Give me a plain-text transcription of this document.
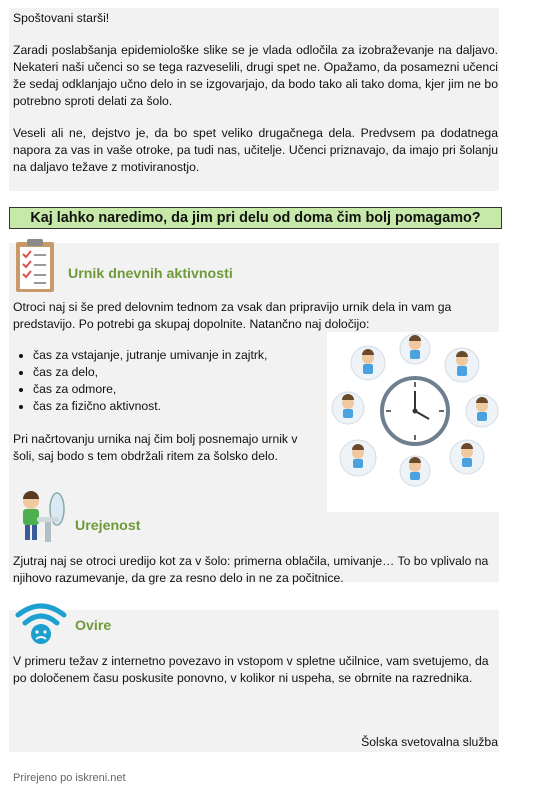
Spoštovani starši!

Zaradi poslabšanja epidemiološke slike se je vlada odločila za izobraževanje na daljavo. Nekateri naši učenci so se tega razveselili, drugi spet ne. Opažamo, da posamezni učenci že sedaj odklanjajo učno delo in se izgovarjajo, da bodo tako ali tako doma, kjer jim ne bo potrebno sproti delati za šolo.

Veseli ali ne, dejstvo je, da bo spet veliko drugačnega dela. Predvsem pa dodatnega napora za vas in vaše otroke, pa tudi nas, učitelje. Učenci priznavajo, da imajo pri šolanju na daljavo težave z motiviranostjo.

Kaj lahko naredimo, da jim pri delu od doma čim bolj pomagamo?
Urnik dnevnih aktivnosti

Otroci naj si še pred delovnim tednom za vsak dan pripravijo urnik dela in vam ga predstavijo. Po potrebi ga skupaj dopolnite. Natančno naj določijo:

• čas za vstajanje, jutranje umivanje in zajtrk,
• čas za delo,
• čas za odmore,
• čas za fizično aktivnost.

Pri načrtovanju urnika naj čim bolj posnemajo urnik v šoli, saj bodo s tem obdržali ritem za šolsko delo.

Urejenost

Zjutraj naj se otroci uredijo kot za v šolo: primerna oblačila, umivanje… To bo vplivalo na njihovo razumevanje, da gre za resno delo in ne za počitnice.

Ovire

V primeru težav z internetno povezavo in vstopom v spletne učilnice, vam svetujemo, da po določenem času poskusite ponovno, v kolikor ni uspeha, se obrnite na razrednika.

Šolska svetovalna služba
Prirejeno po iskreni.net
